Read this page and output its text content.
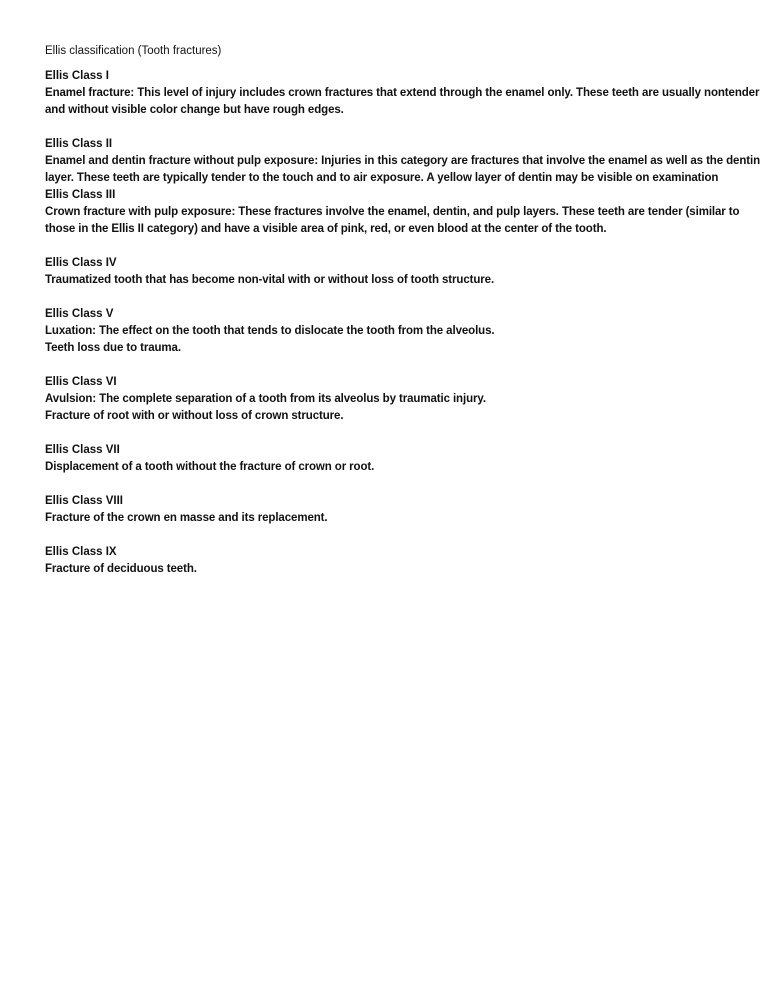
Ellis classification (Tooth fractures)

Ellis Class I

Enamel fracture: This level of injury includes crown fractures that extend through the enamel only. These teeth are usually nontender and without visible color change but have rough edges.

Ellis Class II

Enamel and dentin fracture without pulp exposure: Injuries in this category are fractures that involve the enamel as well as the dentin layer. These teeth are typically tender to the touch and to air exposure. A yellow layer of dentin may be visible on examination

Ellis Class III

Crown fracture with pulp exposure: These fractures involve the enamel, dentin, and pulp layers. These teeth are tender (similar to those in the Ellis II category) and have a visible area of pink, red, or even blood at the center of the tooth.

Ellis Class IV

Traumatized tooth that has become non-vital with or without loss of tooth structure.

Ellis Class V

Luxation: The effect on the tooth that tends to dislocate the tooth from the alveolus.

Teeth loss due to trauma.

Ellis Class VI

Avulsion: The complete separation of a tooth from its alveolus by traumatic injury.

Fracture of root with or without loss of crown structure.

Ellis Class VII

Displacement of a tooth without the fracture of crown or root.

Ellis Class VIII

Fracture of the crown en masse and its replacement.

Ellis Class IX

Fracture of deciduous teeth.
